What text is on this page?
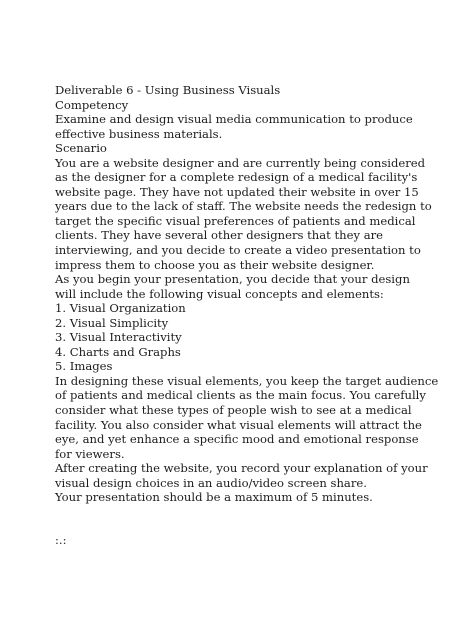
Deliverable 6 - Using Business Visuals
Competency
Examine and design visual media communication to produce
effective business materials.
Scenario
You are a website designer and are currently being considered
as the designer for a complete redesign of a medical facility's
website page. They have not updated their website in over 15
years due to the lack of staff. The website needs the redesign to
target the specific visual preferences of patients and medical
clients. They have several other designers that they are
interviewing, and you decide to create a video presentation to
impress them to choose you as their website designer.
As you begin your presentation, you decide that your design
will include the following visual concepts and elements:
1. Visual Organization
2. Visual Simplicity
3. Visual Interactivity
4. Charts and Graphs
5. Images
In designing these visual elements, you keep the target audience
of patients and medical clients as the main focus. You carefully
consider what these types of people wish to see at a medical
facility. You also consider what visual elements will attract the
eye, and yet enhance a specific mood and emotional response
for viewers.
After creating the website, you record your explanation of your
visual design choices in an audio/video screen share.
Your presentation should be a maximum of 5 minutes.
:.:
